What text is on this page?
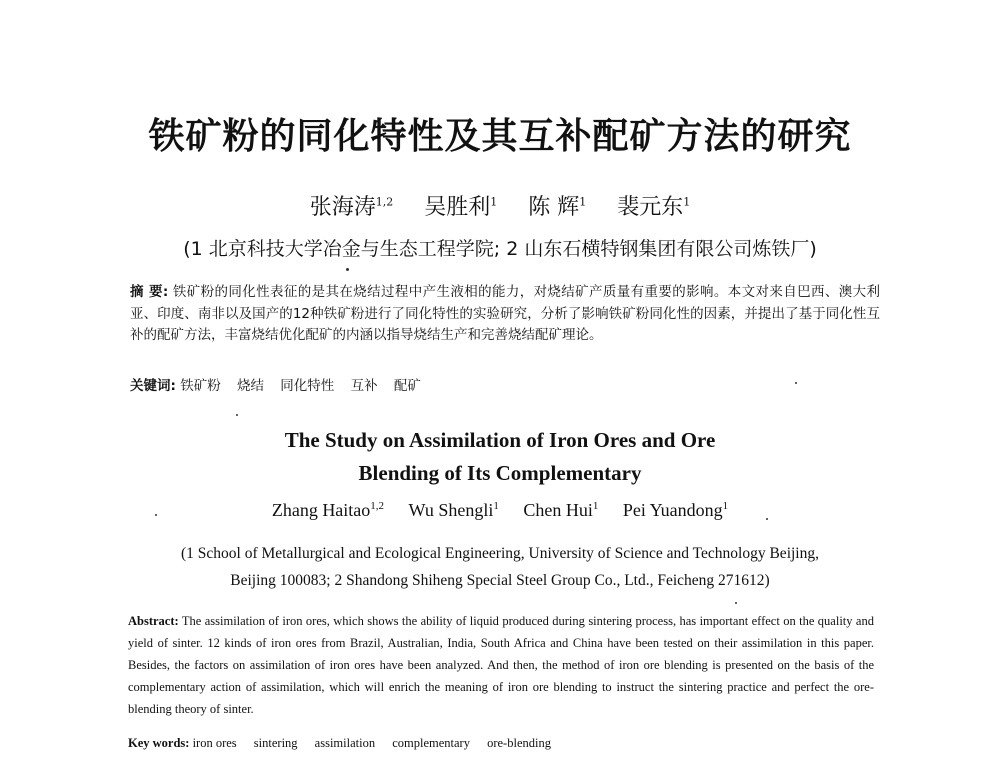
铁矿粉的同化特性及其互补配矿方法的研究
张海涛$^{1,2}$ 吴胜利$^1$ 陈 辉$^1$ 裴元东$^1$
(1 北京科技大学冶金与生态工程学院; 2 山东石横特钢集团有限公司炼铁厂)
摘 要: 铁矿粉的同化性表征的是其在烧结过程中产生液相的能力，对烧结矿产质量有重要的影响。本文对来自巴西、澳大利亚、印度、南非以及国产的12种铁矿粉进行了同化特性的实验研究，分析了影响铁矿粉同化性的因素，并提出了基于同化性互补的配矿方法，丰富烧结优化配矿的内涵以指导烧结生产和完善烧结配矿理论。
关键词: 铁矿粉 烧结 同化特性 互补 配矿
The Study on Assimilation of Iron Ores and Ore
Blending of Its Complementary
Zhang Haitao$^{1,2}$ Wu Shengli$^1$ Chen Hui$^1$ Pei Yuandong$^1$
(1 School of Metallurgical and Ecological Engineering, University of Science and Technology Beijing,
Beijing 100083; 2 Shandong Shiheng Special Steel Group Co., Ltd., Feicheng 271612)
Abstract: The assimilation of iron ores, which shows the ability of liquid produced during sintering process, has important effect on the quality and yield of sinter. 12 kinds of iron ores from Brazil, Australian, India, South Africa and China have been tested on their assimilation in this paper. Besides, the factors on assimilation of iron ores have been analyzed. And then, the method of iron ore blending is presented on the basis of the complementary action of assimilation, which will enrich the meaning of iron ore blending to instruct the sintering practice and perfect the ore-blending theory of sinter.
Key words: iron ores sintering assimilation complementary ore-blending
